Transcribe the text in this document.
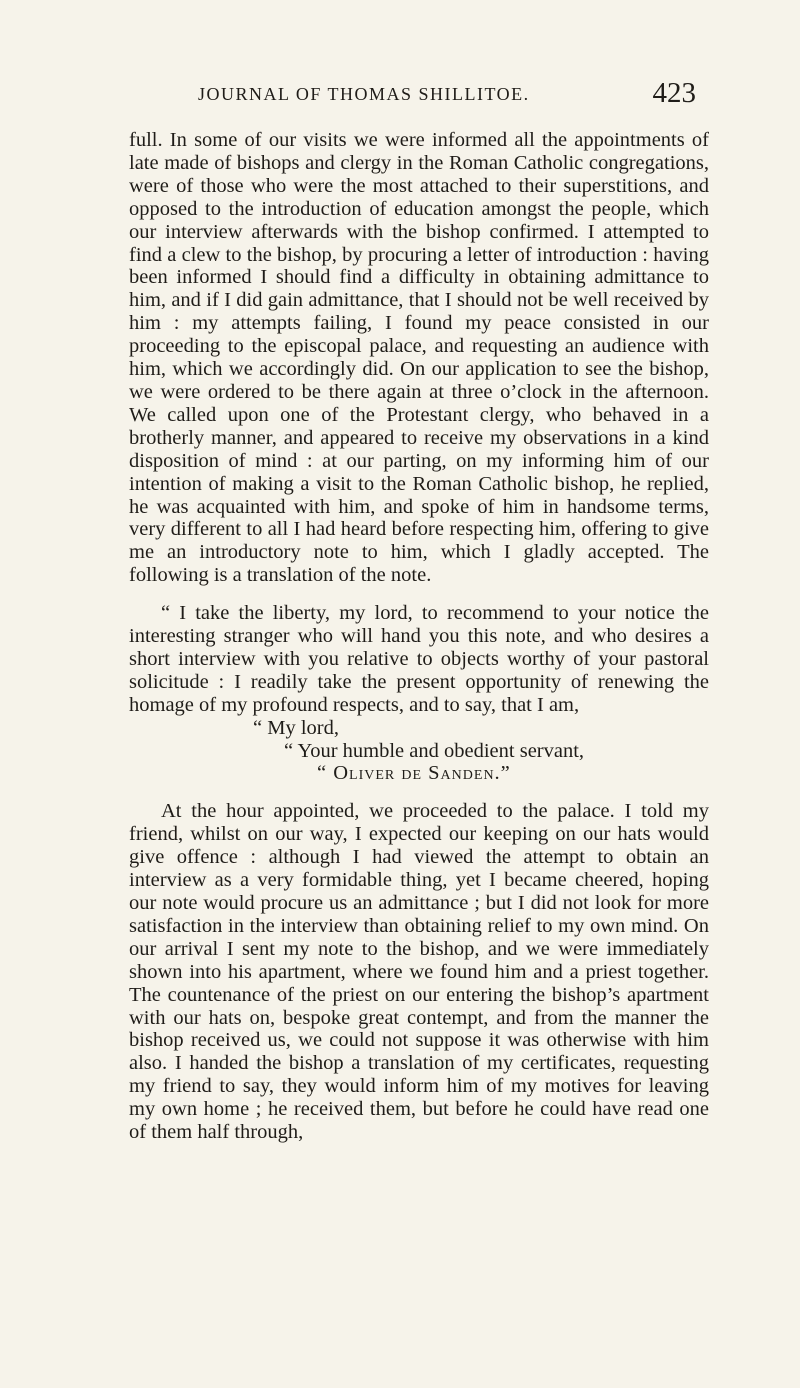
JOURNAL OF THOMAS SHILLITOE.	423

full. In some of our visits we were informed all the appointments of late made of bishops and clergy in the Roman Catholic congregations, were of those who were the most attached to their superstitions, and opposed to the introduction of education amongst the people, which our interview afterwards with the bishop confirmed. I attempted to find a clew to the bishop, by procuring a letter of introduction : having been informed I should find a difficulty in obtaining admittance to him, and if I did gain admittance, that I should not be well received by him : my attempts failing, I found my peace consisted in our proceeding to the episcopal palace, and requesting an audience with him, which we accordingly did. On our application to see the bishop, we were ordered to be there again at three o’clock in the afternoon. We called upon one of the Protestant clergy, who behaved in a brotherly manner, and appeared to receive my observations in a kind disposition of mind : at our parting, on my informing him of our intention of making a visit to the Roman Catholic bishop, he replied, he was acquainted with him, and spoke of him in handsome terms, very different to all I had heard before respecting him, offering to give me an introductory note to him, which I gladly accepted. The following is a translation of the note.

“ I take the liberty, my lord, to recommend to your notice the interesting stranger who will hand you this note, and who desires a short interview with you relative to objects worthy of your pastoral solicitude : I readily take the present opportunity of renewing the homage of my profound respects, and to say, that I am,

“ My lord,
“ Your humble and obedient servant,
“ Oliver de Sanden.”

At the hour appointed, we proceeded to the palace. I told my friend, whilst on our way, I expected our keeping on our hats would give offence : although I had viewed the attempt to obtain an interview as a very formidable thing, yet I became cheered, hoping our note would procure us an admittance ; but I did not look for more satisfaction in the interview than obtaining relief to my own mind. On our arrival I sent my note to the bishop, and we were immediately shown into his apartment, where we found him and a priest together. The countenance of the priest on our entering the bishop’s apartment with our hats on, bespoke great contempt, and from the manner the bishop received us, we could not suppose it was otherwise with him also. I handed the bishop a translation of my certificates, requesting my friend to say, they would inform him of my motives for leaving my own home ; he received them, but before he could have read one of them half through,
